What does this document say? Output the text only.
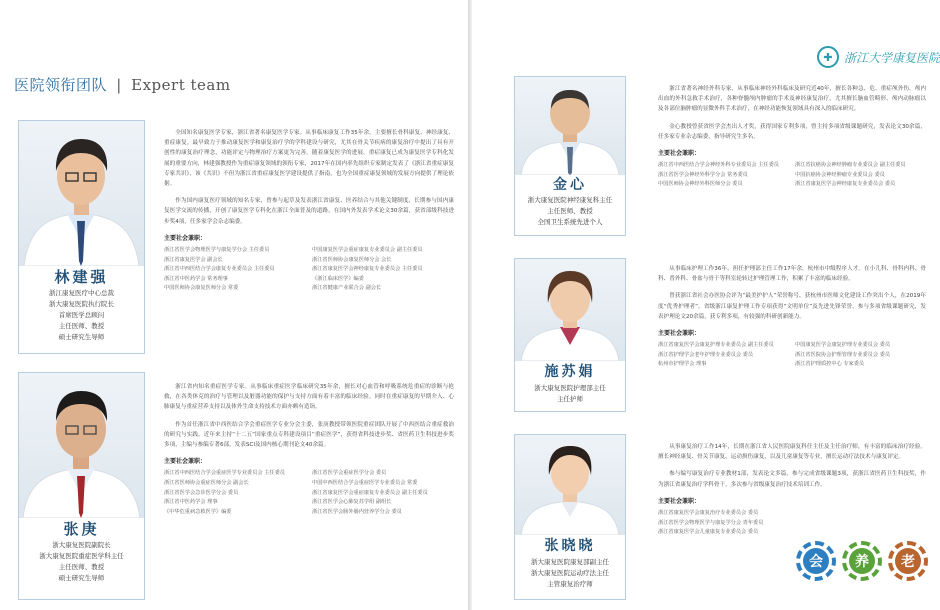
医院领衔团队 | Expert team

林建强

浙江康复医疗中心总裁

浙大康复医院执行院长

首席医学总顾问

主任医师、教授

硕士研究生导师

全国知名康复医学专家，浙江省著名康复医学专家。从事临床康复工作35年余，主要擅长骨科康复、神经康复、重症康复。最早致力于推动康复医学和康复治疗学的学科建设与研究，尤其在骨关节疾病的康复治疗中提出了具有开创性的康复治疗理念，功能评定与物理治疗方案更为完善。随着康复医学的进展，重症康复已成为康复医学专科化发展的重要方向，林建强教授作为重症康复领域的领衔专家，2017年在国内率先组织专家制定发表了《浙江省重症康复专家共识》，该《共识》不但为浙江省重症康复医学建设提供了指南，也为全国重症康复领域的发展方向提供了理论依据。

作为国内康复医疗领域的知名专家，曾参与起草及发表浙江省康复、医养结合与其他关键制度，长期参与国内康复医学交流的传播，开创了康复医学专科化在浙江全面普及的道路，在国内外发表学术论文30余篇，获省部级科技进步奖4项，任多家学会杂志编委。

主要社会兼职：
浙江省医学会物理医学与康复学分会 主任委员	中国康复医学会重症康复专业委员会 副主任委员
浙江省康复医学会 副会长	浙江省医师协会康复医师分会 会长
浙江省中西医结合学会康复专业委员会 主任委员	浙江省康复医学会神经康复专业委员会 主任委员
浙江省中医药学会 常务理事	《浙江临床医学》编委
中国医师协会康复医师分会 常委	浙江省健康产业联合会 副会长

张庚

浙大康复医院副院长

浙大康复医院重症医学科主任

主任医师、教授

硕士研究生导师

浙江省内知名重症医学专家。从事临床重症医学临床研究35年余，擅长对心血管和呼吸系统危重症的诊断与抢救，在各类休克的治疗与管理以及脏器功能的保护与支持方面有着丰富的临床经验。同时在重症康复的早期介入、心肺康复与重症营养支持以及体外生命支持技术方面亦颇有造诣。

作为首任浙江省中西医结合学会重症医学专业分会主委，张庚教授带领医院重症团队开展了中西医结合重症救治的研究与实践。近年来主持“十二五”国家重点专科建设项目“重症医学”，获得省科技进步奖、省医药卫生科技进步奖多项，主编与参编专著6部，发表SCI及国内核心期刊论文40余篇。

主要社会兼职：
浙江省中西医结合学会重症医学专业委员会 主任委员	浙江省医学会重症医学分会 委员
浙江省医师协会重症医师分会 副会长	中国中西医结合学会重症医学专业委员会 常委
浙江省医学会急诊医学分会 委员	浙江省康复医学会重症康复专业委员会 副主任委员
浙江省中医药学会 理事	浙江省医学会心肺复苏学组 副组长
《中华危重病急救医学》编委	浙江省医学会肠外肠内营养学分会 委员
✚ 浙江大学康复医院

金心

浙大康复医院神经康复科主任

主任医师、教授

全国卫生系统先进个人

浙江省著名神经外科专家，从事临床神经外科临床及研究近40年，擅长各种急、危、重症颅外伤、颅内出血的外科急救手术治疗，各种脊髓颅内肿瘤的手术及神经康复治疗，尤其擅长脑血管畸形、颅内动脉瘤以及各部位脑肿瘤的显微外科手术治疗，在神经功能恢复领域具有深入的临床研究。

金心教授曾获省医学会杰出人才奖，获得国家专利多项，曾主持多项省级课题研究，发表论文30余篇，任多家专业杂志编委，指导研究生多名。

主要社会兼职：
浙江省中西医结合学会神经外科专业委员会 主任委员	浙江省抗癌协会神经肿瘤专业委员会 副主任委员
浙江省医学会神经外科学分会 常务委员	中国抗癌协会神经肿瘤专业委员会 委员
中国医师协会神经外科医师分会 委员	浙江省康复医学会神经康复专业委员会 委员

施苏娟

浙大康复医院护理部主任

主任护师

从事临床护理工作36年，担任护理部主任工作17年余，杭州市中级程序人才。在小儿科、骨科内科、骨科、普外科、骨盆与骨干等科室轮转过护理管理工作，积累了丰富的临床经验。

曾获浙江省社会办医协会评为“最美护护人”荣誉称号，获杭州市医师文化建设工作突出个人，在2019年度“优秀护理者”，省级浙江康复护理工作专项获得“文明单位”及先进先锋荣誉，参与多项省级课题研究，发表护理论文20余篇，获专利多项，有较强的科研创新能力。

主要社会兼职：
浙江省康复医学会康复护理专业委员会 副主任委员	中国康复医学会康复护理专业委员会 委员
浙江省护理学会老年护理专业委员会 委员	浙江省医院协会护理管理专业委员会 委员
杭州市护理学会 理事	浙江省护理质控中心 专家委员

张晓晓

浙大康复医院康复部副主任

浙大康复医院运动疗法主任

主管康复治疗师

从事康复治疗工作14年，长期在浙江省人民医院康复科任主任及主任治疗师，有丰富的临床治疗经验。擅长神经康复、骨关节康复、运动损伤康复，以及儿童康复等专业，擅长运动疗法技术与康复评定。

参与编写康复治疗专业教材1部，发表论文多篇，参与完成省级课题3项，获浙江省医药卫生科技奖，作为浙江省康复治疗学科骨干，多次参与省级康复治疗技术培训工作。

主要社会兼职：
浙江省康复医学会康复治疗专业委员会 委员
浙江省医学会物理医学与康复学分会 青年委员
浙江省康复医学会儿童康复专业委员会 委员
会	养	老
